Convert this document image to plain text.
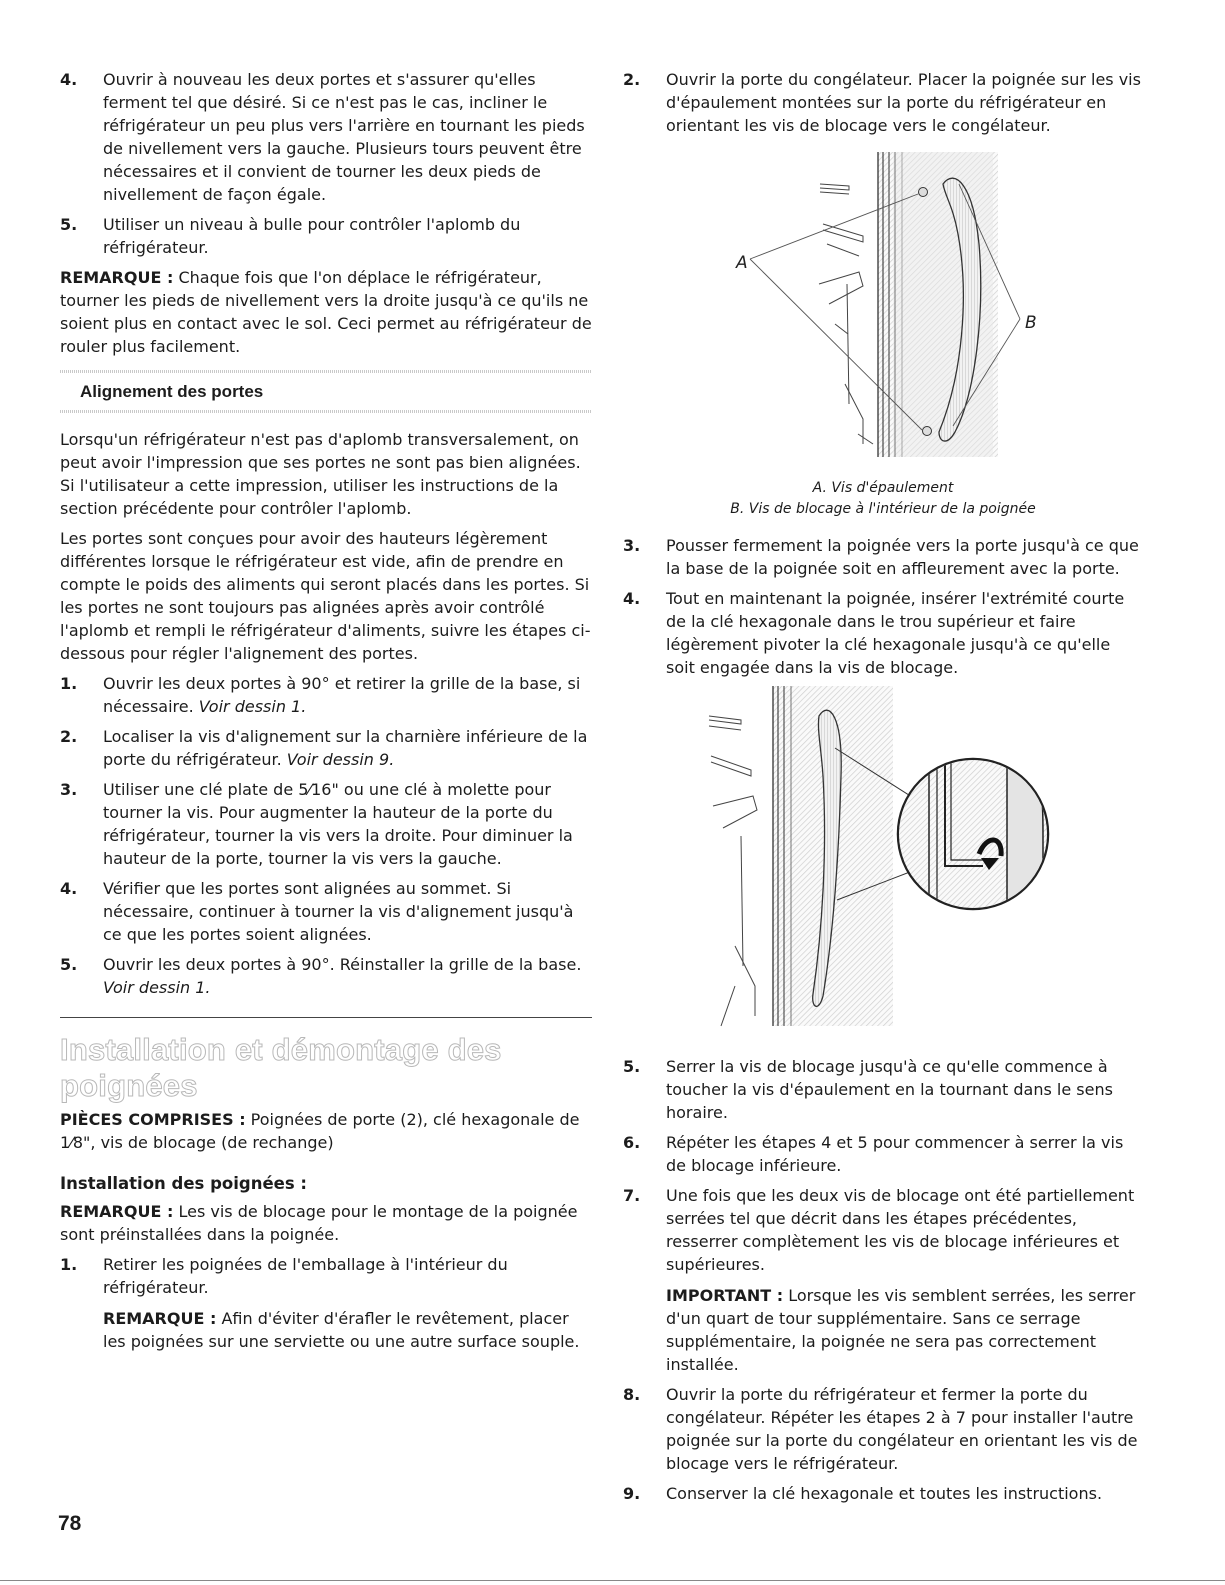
4. Ouvrir à nouveau les deux portes et s'assurer qu'elles ferment tel que désiré. Si ce n'est pas le cas, incliner le réfrigérateur un peu plus vers l'arrière en tournant les pieds de nivellement vers la gauche. Plusieurs tours peuvent être nécessaires et il convient de tourner les deux pieds de nivellement de façon égale.
5. Utiliser un niveau à bulle pour contrôler l'aplomb du réfrigérateur.

REMARQUE : Chaque fois que l'on déplace le réfrigérateur, tourner les pieds de nivellement vers la droite jusqu'à ce qu'ils ne soient plus en contact avec le sol. Ceci permet au réfrigérateur de rouler plus facilement.

Alignement des portes

Lorsqu'un réfrigérateur n'est pas d'aplomb transversalement, on peut avoir l'impression que ses portes ne sont pas bien alignées. Si l'utilisateur a cette impression, utiliser les instructions de la section précédente pour contrôler l'aplomb.

Les portes sont conçues pour avoir des hauteurs légèrement différentes lorsque le réfrigérateur est vide, afin de prendre en compte le poids des aliments qui seront placés dans les portes. Si les portes ne sont toujours pas alignées après avoir contrôlé l'aplomb et rempli le réfrigérateur d'aliments, suivre les étapes ci-dessous pour régler l'alignement des portes.

1. Ouvrir les deux portes à 90° et retirer la grille de la base, si nécessaire. Voir dessin 1.
2. Localiser la vis d'alignement sur la charnière inférieure de la porte du réfrigérateur. Voir dessin 9.
3. Utiliser une clé plate de 5⁄16" ou une clé à molette pour tourner la vis. Pour augmenter la hauteur de la porte du réfrigérateur, tourner la vis vers la droite. Pour diminuer la hauteur de la porte, tourner la vis vers la gauche.
4. Vérifier que les portes sont alignées au sommet. Si nécessaire, continuer à tourner la vis d'alignement jusqu'à ce que les portes soient alignées.
5. Ouvrir les deux portes à 90°. Réinstaller la grille de la base. Voir dessin 1.
Installation et démontage des poignées

PIÈCES COMPRISES : Poignées de porte (2), clé hexagonale de 1⁄8", vis de blocage (de rechange)

Installation des poignées :

REMARQUE : Les vis de blocage pour le montage de la poignée sont préinstallées dans la poignée.

1. Retirer les poignées de l'emballage à l'intérieur du réfrigérateur.
REMARQUE : Afin d'éviter d'érafler le revêtement, placer les poignées sur une serviette ou une autre surface souple.
2. Ouvrir la porte du congélateur. Placer la poignée sur les vis d'épaulement montées sur la porte du réfrigérateur en orientant les vis de blocage vers le congélateur.
A
B
A. Vis d'épaulement
B. Vis de blocage à l'intérieur de la poignée
3. Pousser fermement la poignée vers la porte jusqu'à ce que la base de la poignée soit en affleurement avec la porte.
4. Tout en maintenant la poignée, insérer l'extrémité courte de la clé hexagonale dans le trou supérieur et faire légèrement pivoter la clé hexagonale jusqu'à ce qu'elle soit engagée dans la vis de blocage.
5. Serrer la vis de blocage jusqu'à ce qu'elle commence à toucher la vis d'épaulement en la tournant dans le sens horaire.
6. Répéter les étapes 4 et 5 pour commencer à serrer la vis de blocage inférieure.
7. Une fois que les deux vis de blocage ont été partiellement serrées tel que décrit dans les étapes précédentes, resserrer complètement les vis de blocage inférieures et supérieures.
IMPORTANT : Lorsque les vis semblent serrées, les serrer d'un quart de tour supplémentaire. Sans ce serrage supplémentaire, la poignée ne sera pas correctement installée.
8. Ouvrir la porte du réfrigérateur et fermer la porte du congélateur. Répéter les étapes 2 à 7 pour installer l'autre poignée sur la porte du congélateur en orientant les vis de blocage vers le réfrigérateur.
9. Conserver la clé hexagonale et toutes les instructions.
78
